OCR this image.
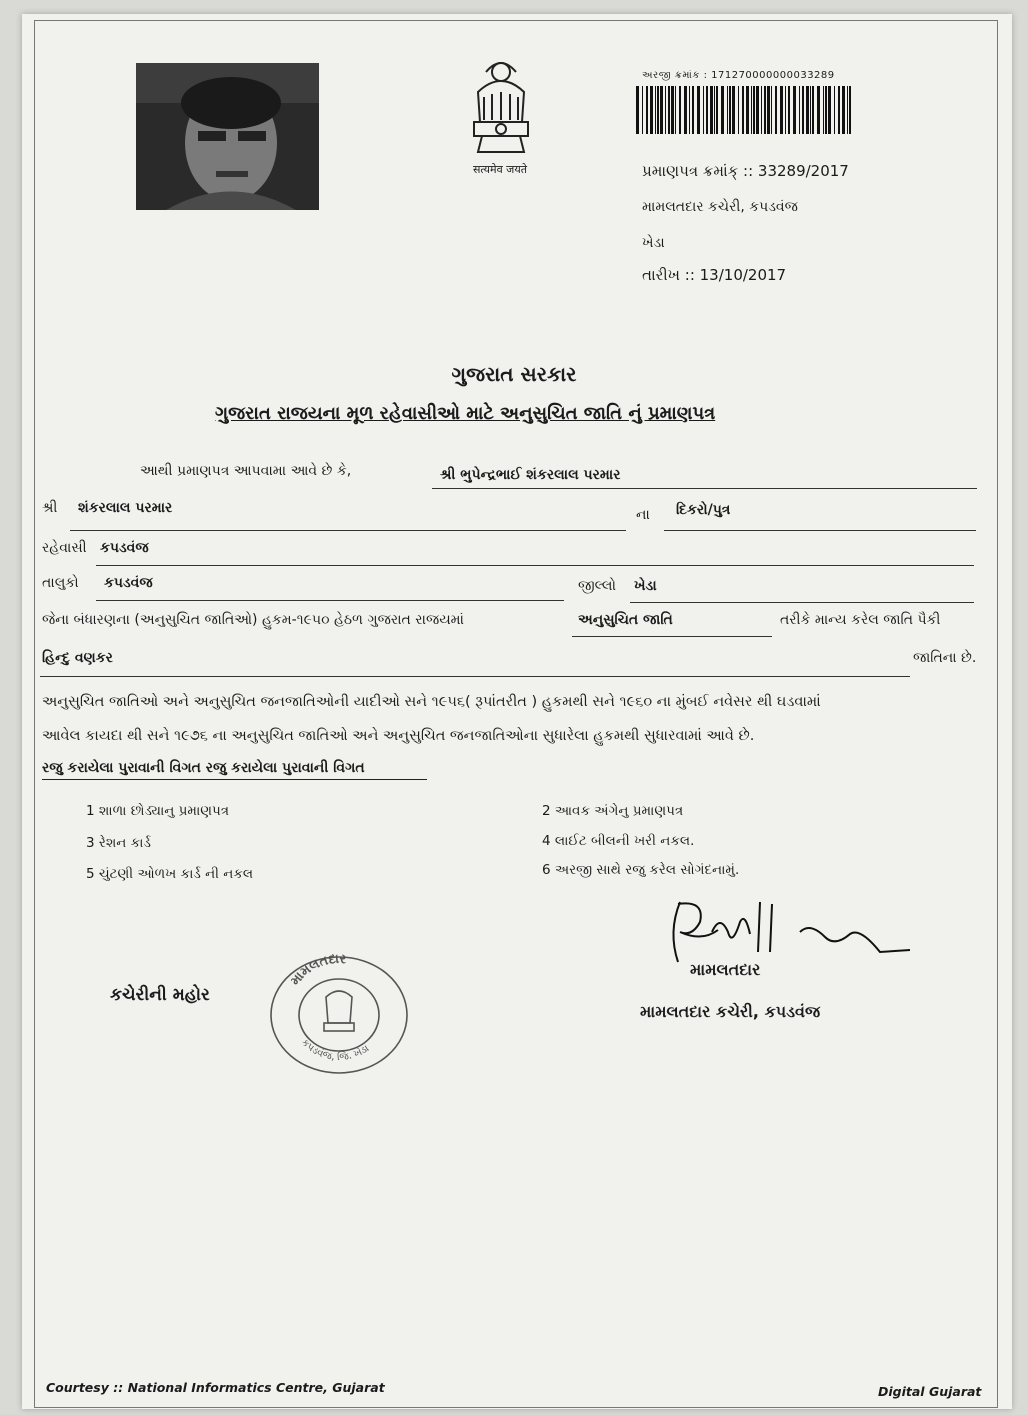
सत्यमेव जयते
અરજી ક્રમાંક : 171270000000033289
પ્રમાણપત્ર ક્રમાંક્ :: 33289/2017
મામલતદાર કચેરી, કપડવંજ
ખેડા
તારીખ :: 13/10/2017
ગુજરાત સરકાર
ગુજરાત રાજયના મૂળ રહેવાસીઓ માટે અનુસુચિત જાતિ નું પ્રમાણપત્ર
આથી પ્રમાણપત્ર આપવામા આવે છે કે,	શ્રી ભુપેન્દ્રભાઈ શંકરલાલ પરમાર
શ્રી શંકરલાલ પરમાર	ના દિકરો/પુત્ર
રહેવાસી કપડવંજ
તાલુકો કપડવંજ	જીલ્લો ખેડા
જેના બંધારણના (અનુસુચિત જાતિઓ) હુકમ-૧૯૫૦ હેઠળ ગુજરાત રાજયમાં	અનુસુચિત જાતિ	તરીકે માન્ય કરેલ જાતિ પૈકી
હિન્દુ વણકર	જાતિના છે.
અનુસુચિત જાતિઓ અને અનુસુચિત જનજાતિઓની યાદીઓ સને ૧૯૫૬( રૂપાંતરીત ) હુકમથી સને ૧૯૬૦ ના મુંબઈ નવેસર થી ઘડવામાં
આવેલ કાયદા થી સને ૧૯૭૬ ના અનુસુચિત જાતિઓ અને અનુસુચિત જનજાતિઓના સુધારેલા હુકમથી સુધારવામાં આવે છે.
રજુ કરાયેલા પુરાવાની વિગત રજુ કરાયેલા પુરાવાની વિગત
1 શાળા છોડ્યાનુ પ્રમાણપત્ર	2 આવક અંગેનુ પ્રમાણપત્ર
3 રેશન કાર્ડ	4 લાઈટ બીલની ખરી નકલ.
5 ચુંટણી ઓળખ કાર્ડ ની નકલ	6 અરજી સાથે રજુ કરેલ સોગંદનામું.
કચેરીની મહોર
મામલતદાર
કપડવંજ, જિ. ખેડા
મામલતદાર
મામલતદાર કચેરી, કપડવંજ
Courtesy :: National Informatics Centre, Gujarat	Digital Gujarat
